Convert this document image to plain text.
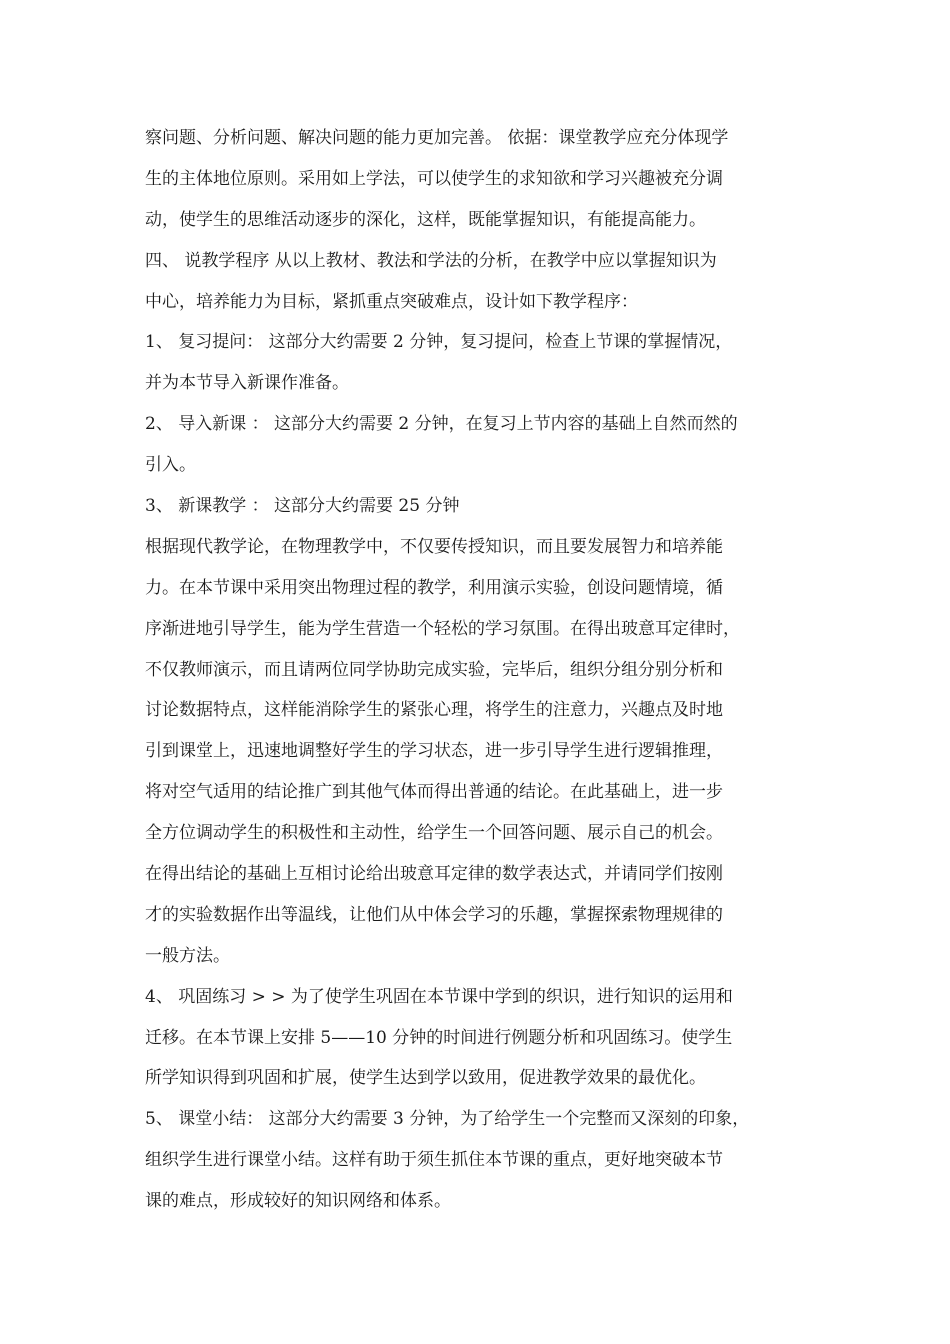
察问题、分析问题、解决问题的能力更加完善。 依据：课堂教学应充分体现学
生的主体地位原则。采用如上学法，可以使学生的求知欲和学习兴趣被充分调
动，使学生的思维活动逐步的深化，这样，既能掌握知识，有能提高能力。
四、 说教学程序 从以上教材、教法和学法的分析，在教学中应以掌握知识为
中心，培养能力为目标，紧抓重点突破难点，设计如下教学程序：
1、 复习提问： 这部分大约需要 2 分钟，复习提问，检查上节课的掌握情况，
并为本节导入新课作准备。
2、 导入新课 ： 这部分大约需要 2 分钟，在复习上节内容的基础上自然而然的
引入。
3、 新课教学 ： 这部分大约需要 25 分钟
根据现代教学论，在物理教学中，不仅要传授知识，而且要发展智力和培养能
力。在本节课中采用突出物理过程的教学，利用演示实验，创设问题情境，循
序渐进地引导学生，能为学生营造一个轻松的学习氛围。在得出玻意耳定律时，
不仅教师演示，而且请两位同学协助完成实验，完毕后，组织分组分别分析和
讨论数据特点，这样能消除学生的紧张心理，将学生的注意力，兴趣点及时地
引到课堂上，迅速地调整好学生的学习状态，进一步引导学生进行逻辑推理，
将对空气适用的结论推广到其他气体而得出普通的结论。在此基础上，进一步
全方位调动学生的积极性和主动性，给学生一个回答问题、展示自己的机会。
在得出结论的基础上互相讨论给出玻意耳定律的数学表达式，并请同学们按刚
才的实验数据作出等温线，让他们从中体会学习的乐趣，掌握探索物理规律的
一般方法。
4、 巩固练习 > > 为了使学生巩固在本节课中学到的织识，进行知识的运用和
迁移。在本节课上安排 5——10 分钟的时间进行例题分析和巩固练习。使学生
所学知识得到巩固和扩展，使学生达到学以致用，促进教学效果的最优化。
5、 课堂小结： 这部分大约需要 3 分钟，为了给学生一个完整而又深刻的印象，
组织学生进行课堂小结。这样有助于须生抓住本节课的重点，更好地突破本节
课的难点，形成较好的知识网络和体系。
